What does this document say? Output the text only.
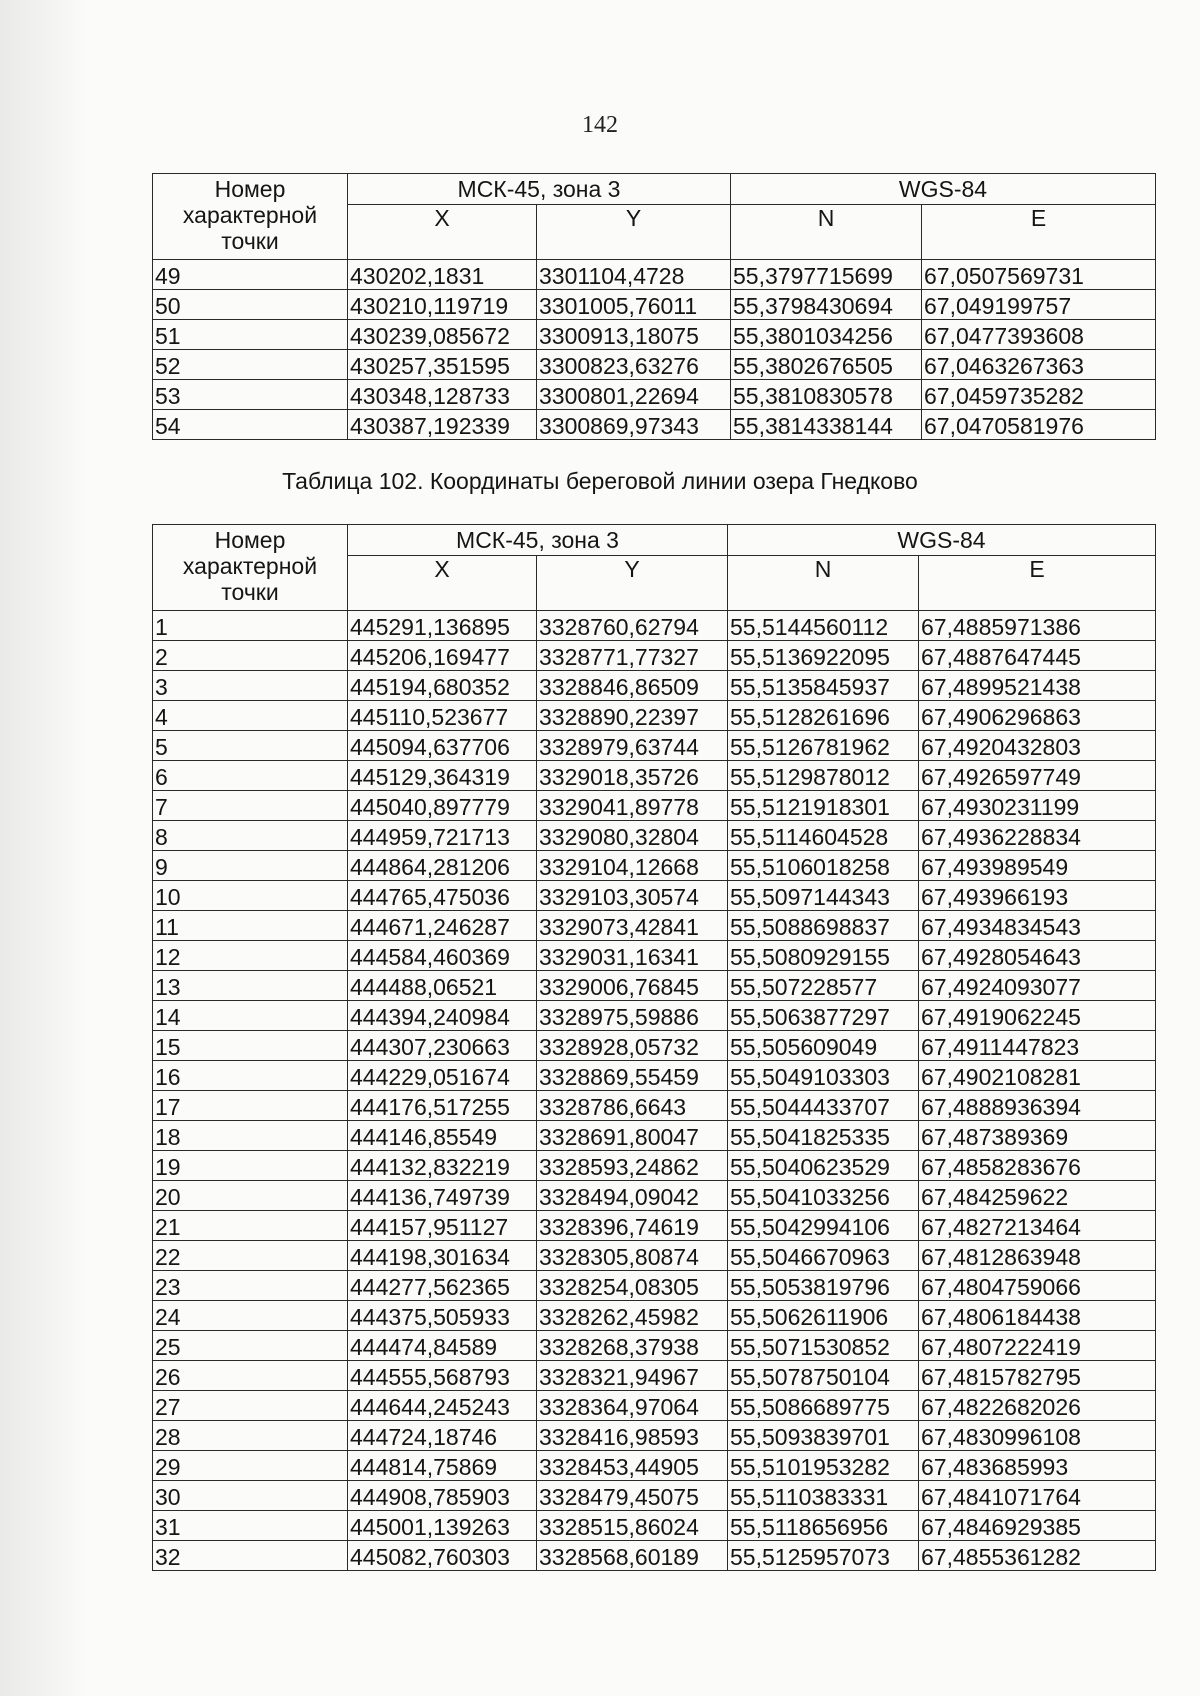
142
Номер
характерной
точки	МСК-45, зона 3		WGS-84	
	X	Y	N	E
49	430202,1831	3301104,4728	55,3797715699	67,0507569731
50	430210,119719	3301005,76011	55,3798430694	67,049199757
51	430239,085672	3300913,18075	55,3801034256	67,0477393608
52	430257,351595	3300823,63276	55,3802676505	67,0463267363
53	430348,128733	3300801,22694	55,3810830578	67,0459735282
54	430387,192339	3300869,97343	55,3814338144	67,0470581976
Таблица 102. Координаты береговой линии озера Гнедково
Номер
характерной
точки	МСК-45, зона 3		WGS-84	
	X	Y	N	E
1	445291,136895	3328760,62794	55,5144560112	67,4885971386
2	445206,169477	3328771,77327	55,5136922095	67,4887647445
3	445194,680352	3328846,86509	55,5135845937	67,4899521438
4	445110,523677	3328890,22397	55,5128261696	67,4906296863
5	445094,637706	3328979,63744	55,5126781962	67,4920432803
6	445129,364319	3329018,35726	55,5129878012	67,4926597749
7	445040,897779	3329041,89778	55,5121918301	67,4930231199
8	444959,721713	3329080,32804	55,5114604528	67,4936228834
9	444864,281206	3329104,12668	55,5106018258	67,493989549
10	444765,475036	3329103,30574	55,5097144343	67,493966193
11	444671,246287	3329073,42841	55,5088698837	67,4934834543
12	444584,460369	3329031,16341	55,5080929155	67,4928054643
13	444488,06521	3329006,76845	55,507228577	67,4924093077
14	444394,240984	3328975,59886	55,5063877297	67,4919062245
15	444307,230663	3328928,05732	55,505609049	67,4911447823
16	444229,051674	3328869,55459	55,5049103303	67,4902108281
17	444176,517255	3328786,6643	55,5044433707	67,4888936394
18	444146,85549	3328691,80047	55,5041825335	67,487389369
19	444132,832219	3328593,24862	55,5040623529	67,4858283676
20	444136,749739	3328494,09042	55,5041033256	67,484259622
21	444157,951127	3328396,74619	55,5042994106	67,4827213464
22	444198,301634	3328305,80874	55,5046670963	67,4812863948
23	444277,562365	3328254,08305	55,5053819796	67,4804759066
24	444375,505933	3328262,45982	55,5062611906	67,4806184438
25	444474,84589	3328268,37938	55,5071530852	67,4807222419
26	444555,568793	3328321,94967	55,5078750104	67,4815782795
27	444644,245243	3328364,97064	55,5086689775	67,4822682026
28	444724,18746	3328416,98593	55,5093839701	67,4830996108
29	444814,75869	3328453,44905	55,5101953282	67,483685993
30	444908,785903	3328479,45075	55,5110383331	67,4841071764
31	445001,139263	3328515,86024	55,5118656956	67,4846929385
32	445082,760303	3328568,60189	55,5125957073	67,4855361282
